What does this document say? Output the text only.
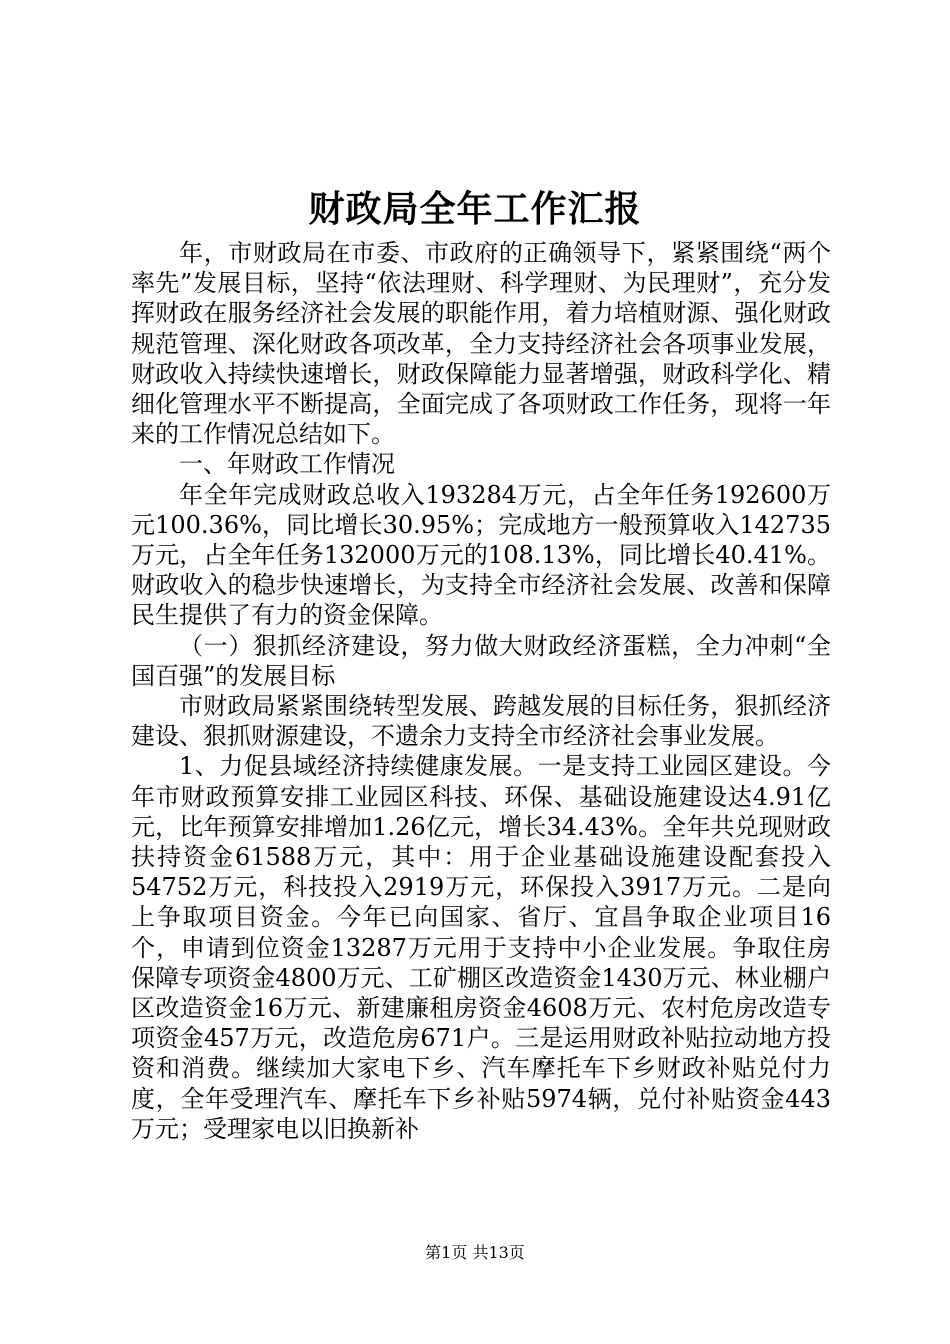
财政局全年工作汇报

年，市财政局在市委、市政府的正确领导下，紧紧围绕“两个率先”发展目标，坚持“依法理财、科学理财、为民理财”，充分发挥财政在服务经济社会发展的职能作用，着力培植财源、强化财政规范管理、深化财政各项改革，全力支持经济社会各项事业发展，财政收入持续快速增长，财政保障能力显著增强，财政科学化、精细化管理水平不断提高，全面完成了各项财政工作任务，现将一年来的工作情况总结如下。

一、年财政工作情况

年全年完成财政总收入193284万元，占全年任务192600万元100.36%，同比增长30.95%；完成地方一般预算收入142735万元，占全年任务132000万元的108.13%，同比增长40.41%。财政收入的稳步快速增长，为支持全市经济社会发展、改善和保障民生提供了有力的资金保障。

（一）狠抓经济建设，努力做大财政经济蛋糕，全力冲刺“全国百强”的发展目标

市财政局紧紧围绕转型发展、跨越发展的目标任务，狠抓经济建设、狠抓财源建设，不遗余力支持全市经济社会事业发展。

1、力促县域经济持续健康发展。一是支持工业园区建设。今年市财政预算安排工业园区科技、环保、基础设施建设达4.91亿元，比年预算安排增加1.26亿元，增长34.43%。全年共兑现财政扶持资金61588万元，其中：用于企业基础设施建设配套投入54752万元，科技投入2919万元，环保投入3917万元。二是向上争取项目资金。今年已向国家、省厅、宜昌争取企业项目16个，申请到位资金13287万元用于支持中小企业发展。争取住房保障专项资金4800万元、工矿棚区改造资金1430万元、林业棚户区改造资金16万元、新建廉租房资金4608万元、农村危房改造专项资金457万元，改造危房671户。三是运用财政补贴拉动地方投资和消费。继续加大家电下乡、汽车摩托车下乡财政补贴兑付力度，全年受理汽车、摩托车下乡补贴5974辆，兑付补贴资金443万元；受理家电以旧换新补

第1页 共13页
